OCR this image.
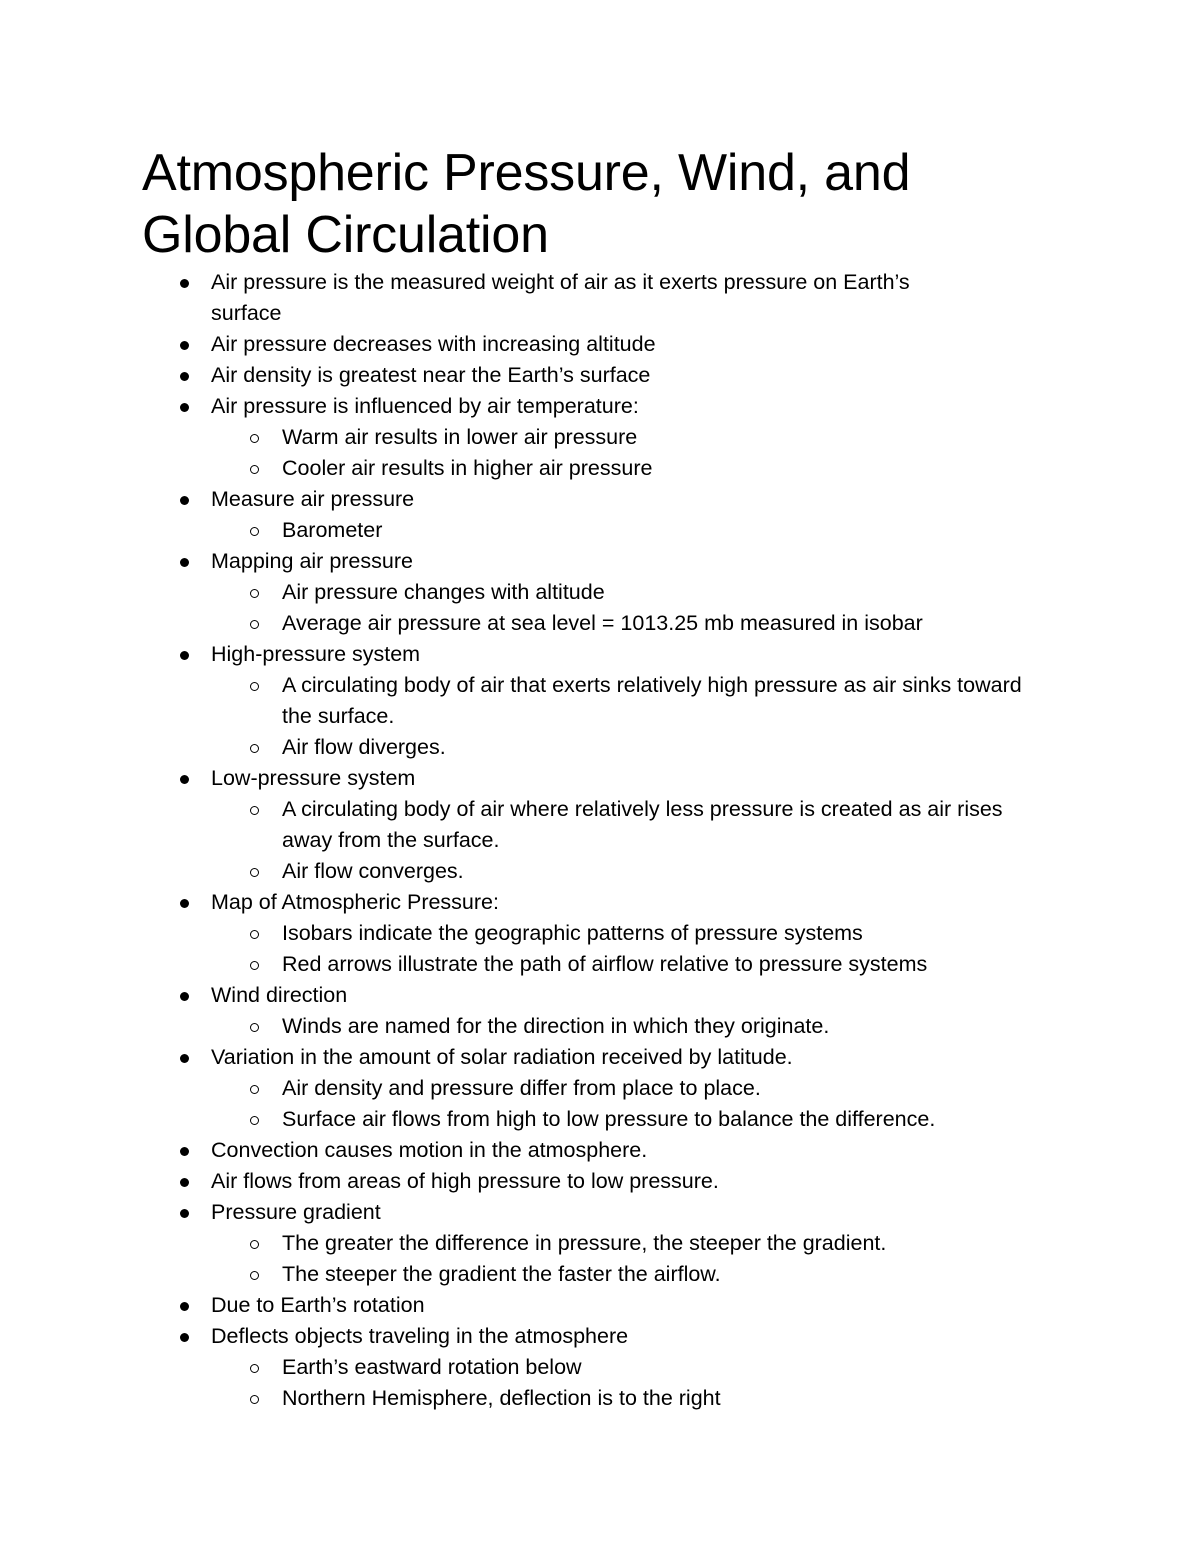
Atmospheric Pressure, Wind, and Global Circulation
Air pressure is the measured weight of air as it exerts pressure on Earth’s surface
Air pressure decreases with increasing altitude
Air density is greatest near the Earth’s surface
Air pressure is influenced by air temperature:
Warm air results in lower air pressure
Cooler air results in higher air pressure
Measure air pressure
Barometer
Mapping air pressure
Air pressure changes with altitude
Average air pressure at sea level = 1013.25 mb measured in isobar
High-pressure system
A circulating body of air that exerts relatively high pressure as air sinks toward the surface.
Air flow diverges.
Low-pressure system
A circulating body of air where relatively less pressure is created as air rises away from the surface.
Air flow converges.
Map of Atmospheric Pressure:
Isobars indicate the geographic patterns of pressure systems
Red arrows illustrate the path of airflow relative to pressure systems
Wind direction
Winds are named for the direction in which they originate.
Variation in the amount of solar radiation received by latitude.
Air density and pressure differ from place to place.
Surface air flows from high to low pressure to balance the difference.
Convection causes motion in the atmosphere.
Air flows from areas of high pressure to low pressure.
Pressure gradient
The greater the difference in pressure, the steeper the gradient.
The steeper the gradient the faster the airflow.
Due to Earth’s rotation
Deflects objects traveling in the atmosphere
Earth’s eastward rotation below
Northern Hemisphere, deflection is to the right
